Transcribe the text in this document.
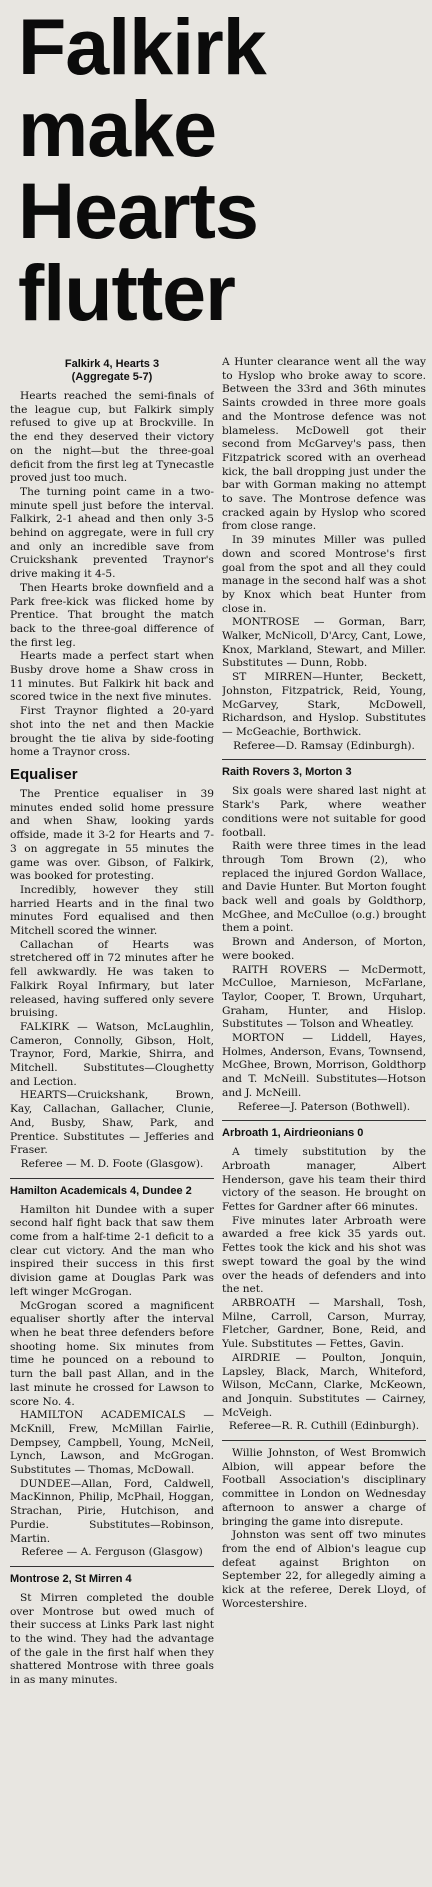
Falkirk
make
Hearts
flutter
Falkirk 4, Hearts 3
(Aggregate 5-7)

Hearts reached the semi-finals of the league cup, but Falkirk simply refused to give up at Brockville. In the end they deserved their victory on the night—but the three-goal deficit from the first leg at Tynecastle proved just too much.

The turning point came in a two-minute spell just before the interval. Falkirk, 2-1 ahead and then only 3-5 behind on aggregate, were in full cry and only an incredible save from Cruickshank prevented Traynor's drive making it 4-5.

Then Hearts broke downfield and a Park free-kick was flicked home by Prentice. That brought the match back to the three-goal difference of the first leg.

Hearts made a perfect start when Busby drove home a Shaw cross in 11 minutes. But Falkirk hit back and scored twice in the next five minutes.

First Traynor flighted a 20-yard shot into the net and then Mackie brought the tie aliva by side-footing home a Traynor cross.

Equaliser

The Prentice equaliser in 39 minutes ended solid home pressure and when Shaw, looking yards offside, made it 3-2 for Hearts and 7-3 on aggregate in 55 minutes the game was over. Gibson, of Falkirk, was booked for protesting.

Incredibly, however they still harried Hearts and in the final two minutes Ford equalised and then Mitchell scored the winner.

Callachan of Hearts was stretchered off in 72 minutes after he fell awkwardly. He was taken to Falkirk Royal Infirmary, but later released, having suffered only severe bruising.

FALKIRK — Watson, McLaughlin, Cameron, Connolly, Gibson, Holt, Traynor, Ford, Markie, Shirra, and Mitchell. Substitutes—Cloughetty and Lection.

HEARTS—Cruickshank, Brown, Kay, Callachan, Gallacher, Clunie, And, Busby, Shaw, Park, and Prentice. Substitutes — Jefferies and Fraser.

Referee — M. D. Foote (Glasgow).

Hamilton Academicals 4, Dundee 2

Hamilton hit Dundee with a super second half fight back that saw them come from a half-time 2-1 deficit to a clear cut victory. And the man who inspired their success in this first division game at Douglas Park was left winger McGrogan.

McGrogan scored a magnificent equaliser shortly after the interval when he beat three defenders before shooting home. Six minutes from time he pounced on a rebound to turn the ball past Allan, and in the last minute he crossed for Lawson to score No. 4.

HAMILTON ACADEMICALS — McKnill, Frew, McMillan Fairlie, Dempsey, Campbell, Young, McNeil, Lynch, Lawson, and McGrogan. Substitutes — Thomas, McDowall.

DUNDEE—Allan, Ford, Caldwell, MacKinnon, Philip, McPhail, Hoggan, Strachan, Pirie, Hutchison, and Purdie. Substitutes—Robinson, Martin.

Referee — A. Ferguson (Glasgow)

Montrose 2, St Mirren 4

St Mirren completed the double over Montrose but owed much of their success at Links Park last night to the wind. They had the advantage of the gale in the first half when they shattered Montrose with three goals in as many minutes.

A Hunter clearance went all the way to Hyslop who broke away to score. Between the 33rd and 36th minutes Saints crowded in three more goals and the Montrose defence was not blameless. McDowell got their second from McGarvey's pass, then Fitzpatrick scored with an overhead kick, the ball dropping just under the bar with Gorman making no attempt to save. The Montrose defence was cracked again by Hyslop who scored from close range.

In 39 minutes Miller was pulled down and scored Montrose's first goal from the spot and all they could manage in the second half was a shot by Knox which beat Hunter from close in.

MONTROSE — Gorman, Barr, Walker, McNicoll, D'Arcy, Cant, Lowe, Knox, Markland, Stewart, and Miller. Substitutes — Dunn, Robb.

ST MIRREN—Hunter, Beckett, Johnston, Fitzpatrick, Reid, Young, McGarvey, Stark, McDowell, Richardson, and Hyslop. Substitutes — McGeachie, Borthwick.

Referee—D. Ramsay (Edinburgh).

Raith Rovers 3, Morton 3

Six goals were shared last night at Stark's Park, where weather conditions were not suitable for good football.

Raith were three times in the lead through Tom Brown (2), who replaced the injured Gordon Wallace, and Davie Hunter. But Morton fought back well and goals by Goldthorp, McGhee, and McCulloe (o.g.) brought them a point.

Brown and Anderson, of Morton, were booked.

RAITH ROVERS — McDermott, McCulloe, Marnieson, McFarlane, Taylor, Cooper, T. Brown, Urquhart, Graham, Hunter, and Hislop. Substitutes — Tolson and Wheatley.

MORTON — Liddell, Hayes, Holmes, Anderson, Evans, Townsend, McGhee, Brown, Morrison, Goldthorp and T. McNeill. Substitutes—Hotson and J. McNeill.

Referee—J. Paterson (Bothwell).

Arbroath 1, Airdrieonians 0

A timely substitution by the Arbroath manager, Albert Henderson, gave his team their third victory of the season. He brought on Fettes for Gardner after 66 minutes.

Five minutes later Arbroath were awarded a free kick 35 yards out. Fettes took the kick and his shot was swept toward the goal by the wind over the heads of defenders and into the net.

ARBROATH — Marshall, Tosh, Milne, Carroll, Carson, Murray, Fletcher, Gardner, Bone, Reid, and Yule. Substitutes — Fettes, Gavin.

AIRDRIE — Poulton, Jonquin, Lapsley, Black, March, Whiteford, Wilson, McCann, Clarke, McKeown, and Jonquin. Substitutes — Cairney, McVeigh.

Referee—R. R. Cuthill (Edinburgh).

Willie Johnston, of West Bromwich Albion, will appear before the Football Association's disciplinary committee in London on Wednesday afternoon to answer a charge of bringing the game into disrepute.

Johnston was sent off two minutes from the end of Albion's league cup defeat against Brighton on September 22, for allegedly aiming a kick at the referee, Derek Lloyd, of Worcestershire.
